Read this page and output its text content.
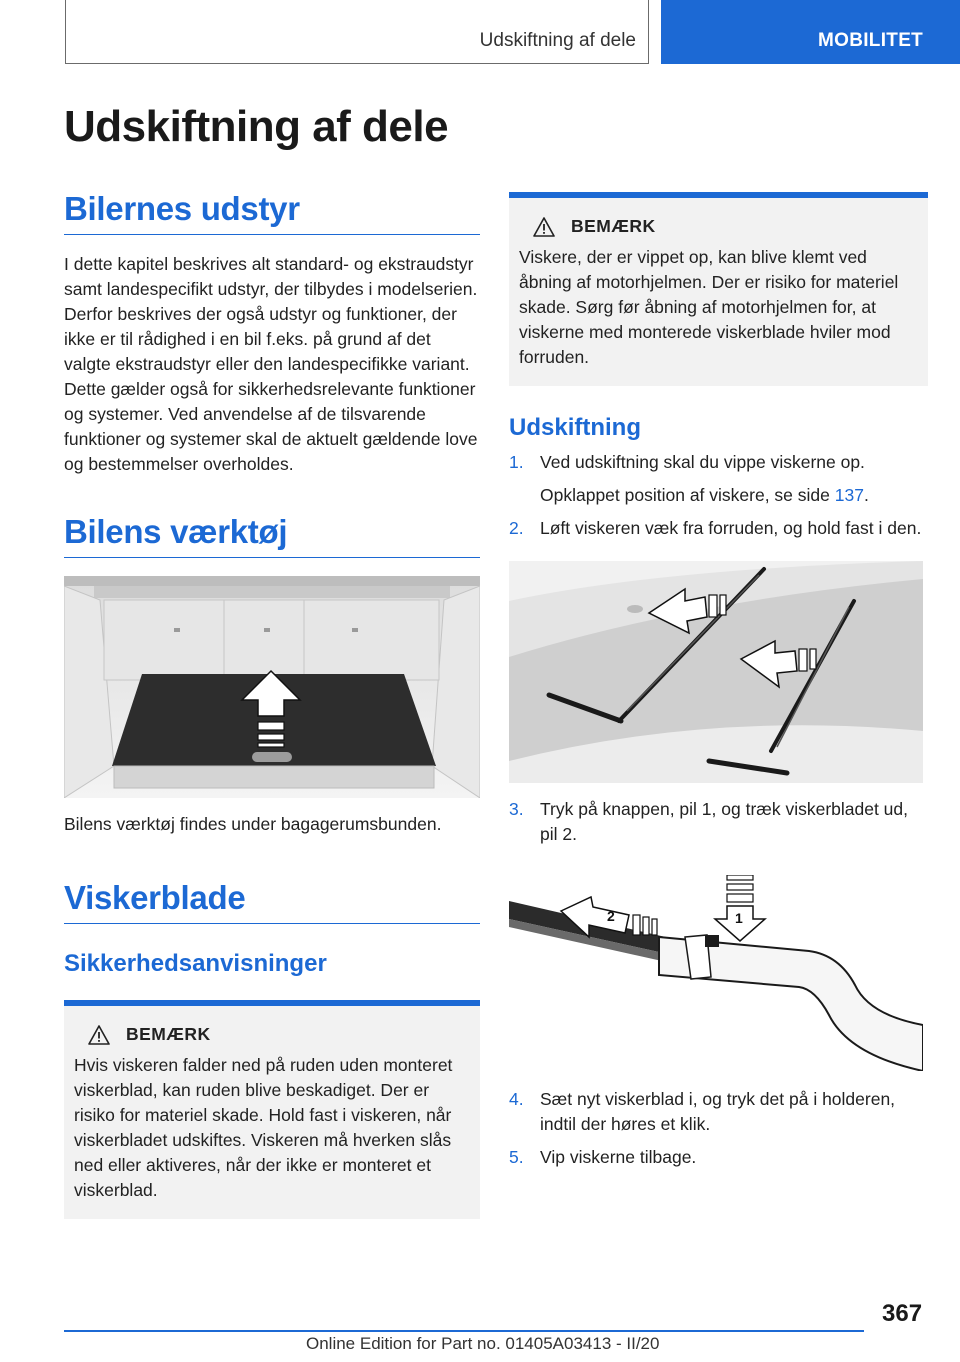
Udskiftning af dele	MOBILITET
Udskiftning af dele
Bilernes udstyr

I dette kapitel beskrives alt standard- og ekstraudstyr samt landespecifikt udstyr, der tilbydes i modelserien. Derfor beskrives der også udstyr og funktioner, der ikke er til rådighed i en bil f.eks. på grund af det valgte ekstraudstyr eller den landespecifikke variant. Dette gælder også for sikkerhedsrelevante funktioner og systemer. Ved anvendelse af de tilsvarende funktioner og systemer skal de aktuelt gældende love og bestemmelser overholdes.

Bilens værktøj

Bilens værktøj findes under bagagerumsbunden.

Viskerblade
Sikkerhedsanvisninger
BEMÆRK

Hvis viskeren falder ned på ruden uden monteret viskerblad, kan ruden blive beskadiget. Der er risiko for materiel skade. Hold fast i viskeren, når viskerbladet udskiftes. Viskeren må hverken slås ned eller aktiveres, når der ikke er monteret et viskerblad.

BEMÆRK

Viskere, der er vippet op, kan blive klemt ved åbning af motorhjelmen. Der er risiko for materiel skade. Sørg før åbning af motorhjelmen for, at viskerne med monterede viskerblade hviler mod forruden.

Udskiftning
1. Ved udskiftning skal du vippe viskerne op.
Opklappet position af viskere, se side 137.
2. Løft viskeren væk fra forruden, og hold fast i den.
3. Tryk på knappen, pil 1, og træk viskerbladet ud, pil 2.
2	1
4. Sæt nyt viskerblad i, og tryk det på i holderen, indtil der høres et klik.
5. Vip viskerne tilbage.
367
Online Edition for Part no. 01405A03413 - II/20
